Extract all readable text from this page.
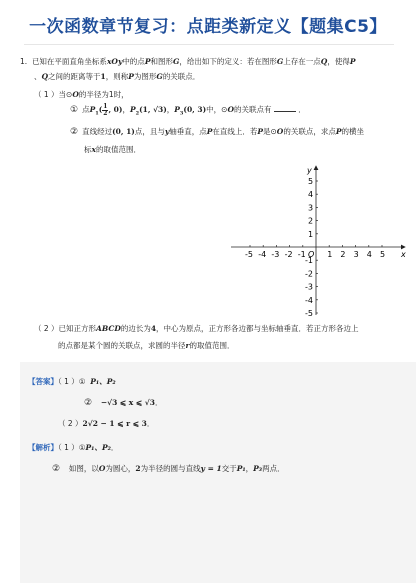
一次函数章节复习：点距类新定义【题集C5】
1. 已知在平面直角坐标系xOy中的点P和图形G，给出如下的定义：若在图形G上存在一点Q，使得P
、Q之间的距离等于1，则称P为图形G的关联点．
（ 1 ）当⊙O的半径为1时，
① 点$P_1( \frac{1}{2}$ , 0)，$P_2(1$, √3)，$P_3(0$, 3)中，⊙O的关联点有	．
② 直线经过(0, 1)点，且与y轴垂直，点P在直线上．若P是⊙O的关联点，求点P的横坐
标x的取值范围．
x
y
O
-5 -4 -3 -2 -1	1 2 3 4 5
5
4
3
2
1
-1
-2
-3
-4
-5
（ 2 ）已知正方形ABCD的边长为4，中心为原点，正方形各边都与坐标轴垂直．若正方形各边上
的点都是某个圆的关联点，求圆的半径r的取值范围．
【答案】（ 1 ）① P₁、P₂
② −√3 ⩽ x ⩽ √3．
（ 2 ）2√2 − 1 ⩽ r ⩽ 3．
【解析】（ 1 ）①P₁、P₂．
② 如图，以O为圆心，2为半径的圆与直线y = 1交于P₁，P₃两点．
